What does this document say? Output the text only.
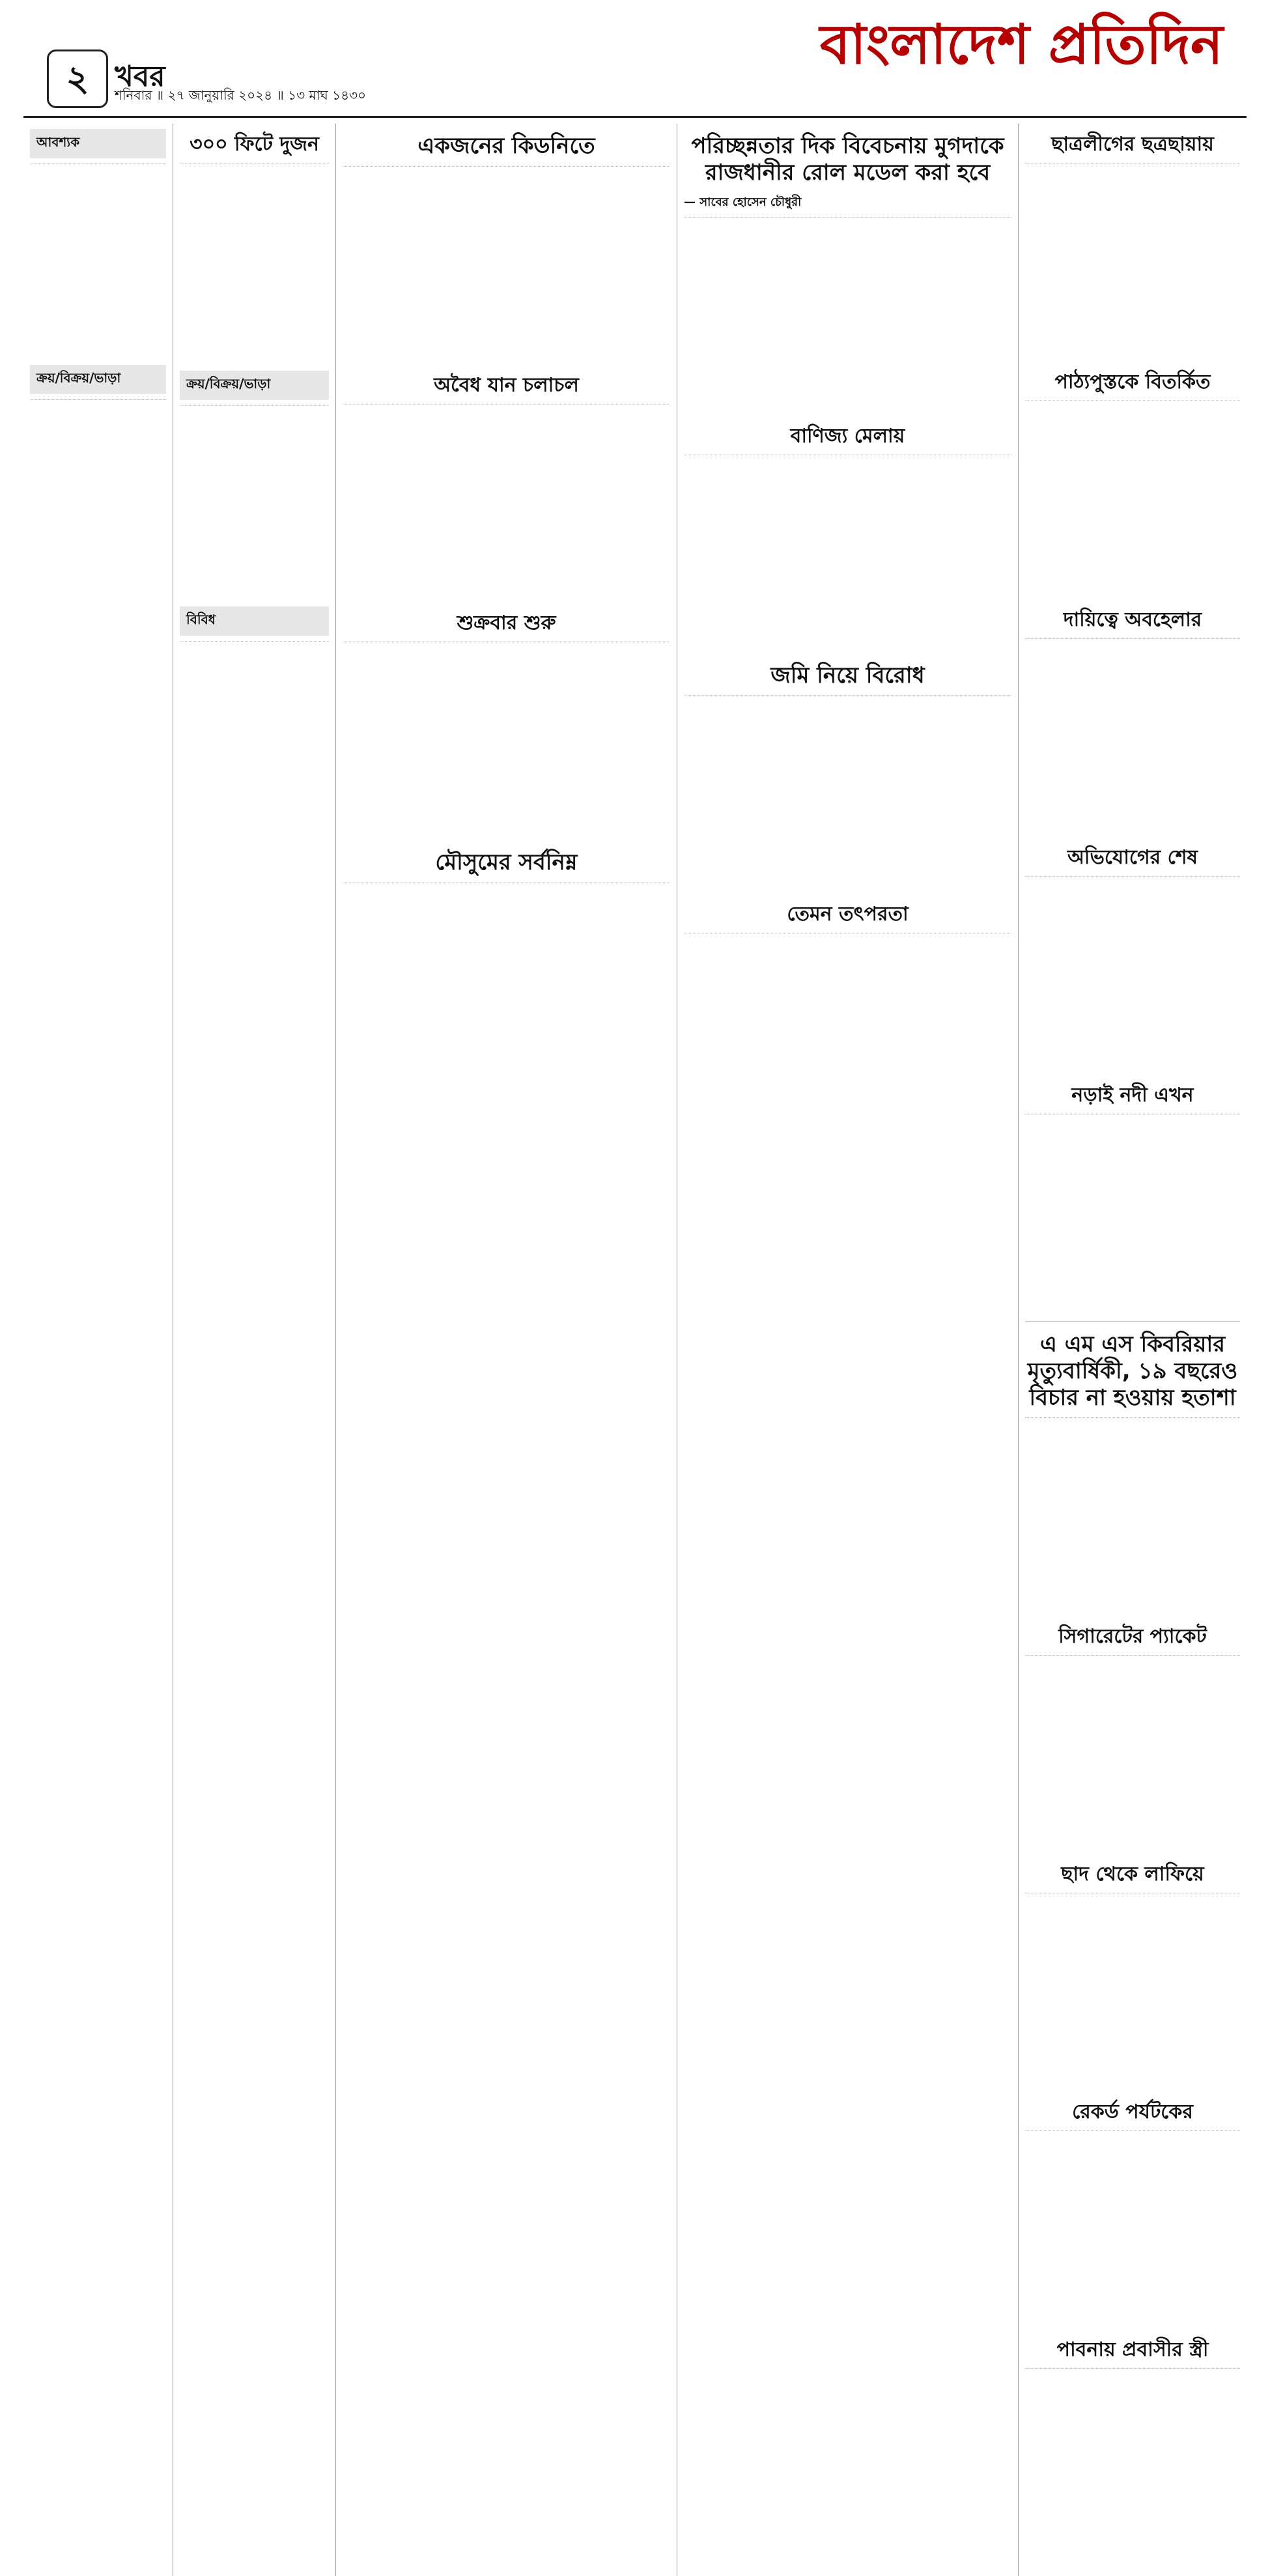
২ খবর
শনিবার ॥ ২৭ জানুয়ারি ২০২৪ ॥ ১৩ মাঘ ১৪৩০
বাংলাদেশ প্রতিদিন
আবশ্যক
ক্রয়/বিক্রয়/ভাড়া
৩০০ ফিটে দুজন
ক্রয়/বিক্রয়/ভাড়া
বিবিধ
একজনের কিডনিতে
অবৈধ যান চলাচল
শুক্রবার শুরু
মৌসুমের সর্বনিম্ন
পরিচ্ছন্নতার দিক বিবেচনায় মুগদাকে রাজধানীর রোল মডেল করা হবে
— সাবের হোসেন চৌধুরী
বাণিজ্য মেলায়
জমি নিয়ে বিরোধ
তেমন তৎপরতা
ছাত্রলীগের ছত্রছায়ায়
পাঠ্যপুস্তকে বিতর্কিত
দায়িত্বে অবহেলার
অভিযোগের শেষ
নড়াই নদী এখন
এ এম এস কিবরিয়ার মৃত্যুবার্ষিকী, ১৯ বছরেও বিচার না হওয়ায় হতাশা
সিগারেটের প্যাকেট
ছাদ থেকে লাফিয়ে
রেকর্ড পর্যটকের
পাবনায় প্রবাসীর স্ত্রী
